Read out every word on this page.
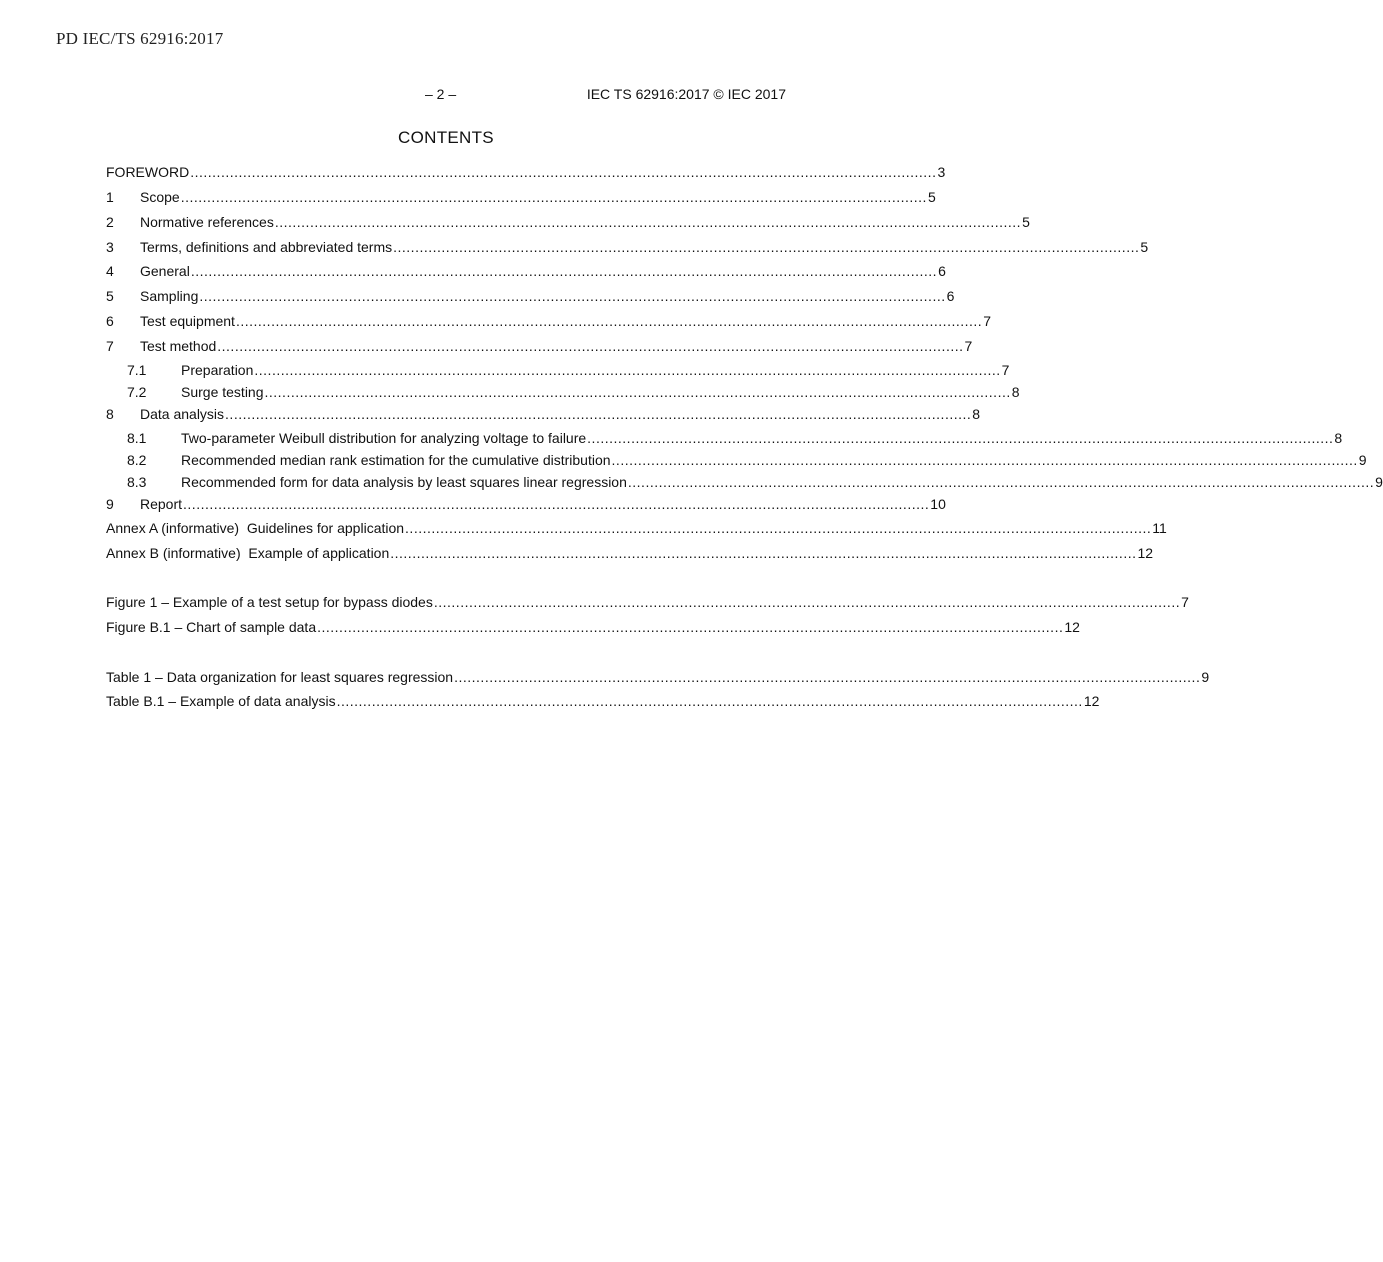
PD IEC/TS 62916:2017
– 2 –	IEC TS 62916:2017 © IEC 2017
CONTENTS
FOREWORD .......................................................................................................................................................................... 3
1	Scope .......................................................................................................................................................................... 5
2	Normative references .......................................................................................................................................................................... 5
3	Terms, definitions and abbreviated terms .......................................................................................................................................................................... 5
4	General .......................................................................................................................................................................... 6
5	Sampling .......................................................................................................................................................................... 6
6	Test equipment .......................................................................................................................................................................... 7
7	Test method .......................................................................................................................................................................... 7
7.1	Preparation .......................................................................................................................................................................... 7
7.2	Surge testing .......................................................................................................................................................................... 8
8	Data analysis .......................................................................................................................................................................... 8
8.1	Two-parameter Weibull distribution for analyzing voltage to failure .......................................................................................................................................................................... 8
8.2	Recommended median rank estimation for the cumulative distribution .......................................................................................................................................................................... 9
8.3	Recommended form for data analysis by least squares linear regression .......................................................................................................................................................................... 9
9	Report .......................................................................................................................................................................... 10
Annex A (informative)  Guidelines for application .......................................................................................................................................................................... 11
Annex B (informative)  Example of application .......................................................................................................................................................................... 12
Figure 1 – Example of a test setup for bypass diodes .......................................................................................................................................................................... 7
Figure B.1 – Chart of sample data .......................................................................................................................................................................... 12
Table 1 – Data organization for least squares regression .......................................................................................................................................................................... 9
Table B.1 – Example of data analysis .......................................................................................................................................................................... 12
